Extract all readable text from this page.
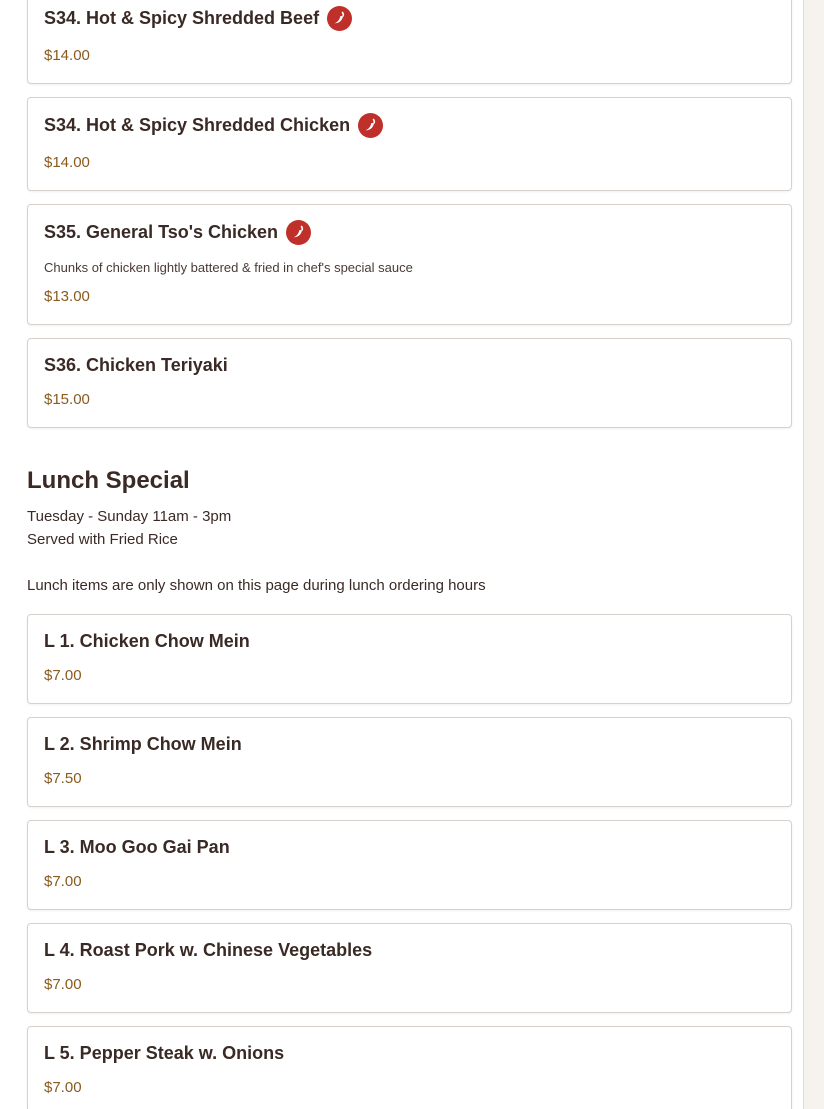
S34. Hot & Spicy Shredded Beef
$14.00
S34. Hot & Spicy Shredded Chicken
$14.00
S35. General Tso's Chicken
Chunks of chicken lightly battered & fried in chef's special sauce
$13.00
S36. Chicken Teriyaki
$15.00
Lunch Special
Tuesday - Sunday 11am - 3pm
Served with Fried Rice
Lunch items are only shown on this page during lunch ordering hours
L 1. Chicken Chow Mein
$7.00
L 2. Shrimp Chow Mein
$7.50
L 3. Moo Goo Gai Pan
$7.00
L 4. Roast Pork w. Chinese Vegetables
$7.00
L 5. Pepper Steak w. Onions
$7.00
